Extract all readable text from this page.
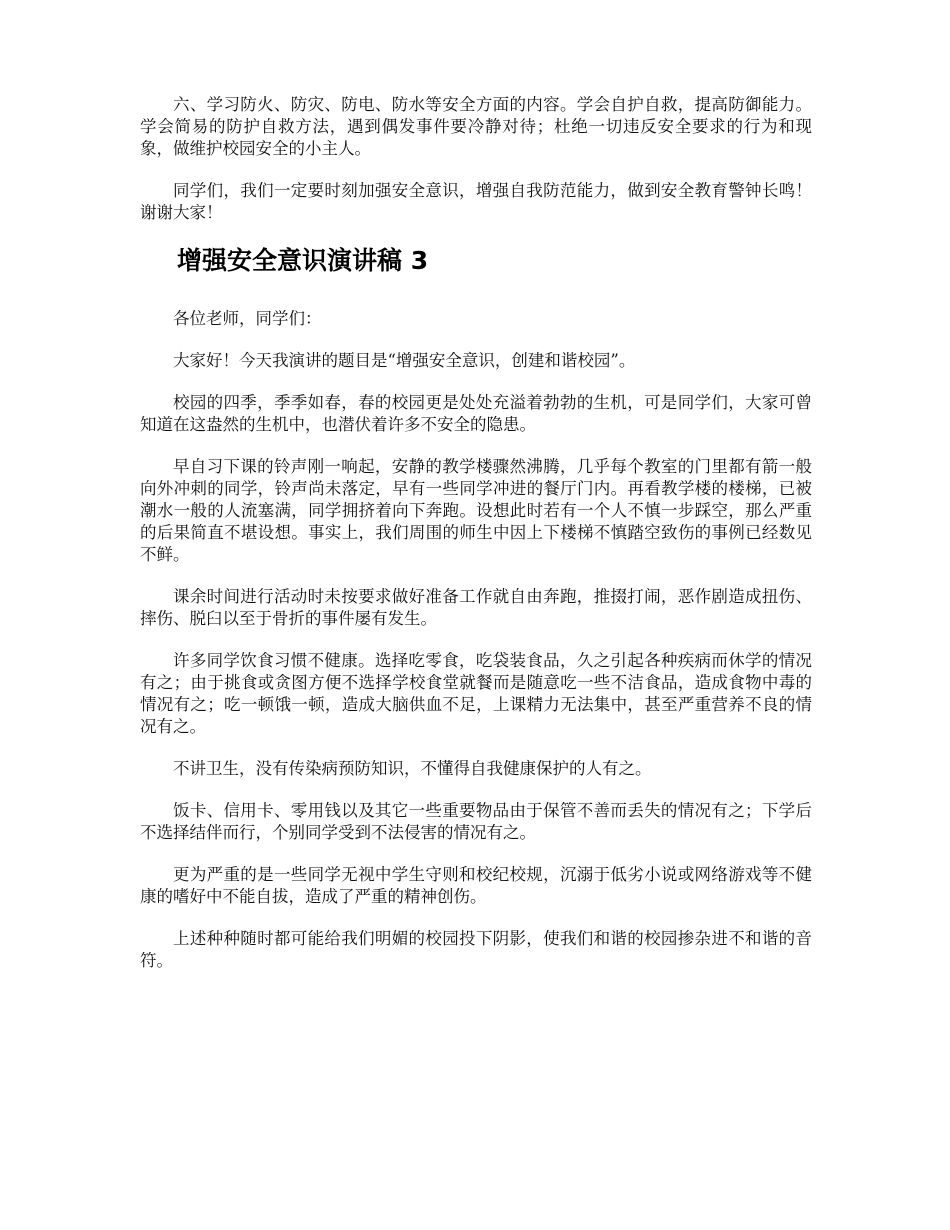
六、学习防火、防灾、防电、防水等安全方面的内容。学会自护自救，提高防御能力。学会简易的防护自救方法，遇到偶发事件要冷静对待；杜绝一切违反安全要求的行为和现象，做维护校园安全的小主人。

同学们，我们一定要时刻加强安全意识，增强自我防范能力，做到安全教育警钟长鸣！谢谢大家！

增强安全意识演讲稿 3

各位老师，同学们：

大家好！今天我演讲的题目是“增强安全意识，创建和谐校园”。

校园的四季，季季如春，春的校园更是处处充溢着勃勃的生机，可是同学们，大家可曾知道在这盎然的生机中，也潜伏着许多不安全的隐患。

早自习下课的铃声刚一响起，安静的教学楼骤然沸腾，几乎每个教室的门里都有箭一般向外冲刺的同学，铃声尚未落定，早有一些同学冲进的餐厅门内。再看教学楼的楼梯，已被潮水一般的人流塞满，同学拥挤着向下奔跑。设想此时若有一个人不慎一步踩空，那么严重的后果简直不堪设想。事实上，我们周围的师生中因上下楼梯不慎踏空致伤的事例已经数见不鲜。

课余时间进行活动时未按要求做好准备工作就自由奔跑，推掇打闹，恶作剧造成扭伤、摔伤、脱臼以至于骨折的事件屡有发生。

许多同学饮食习惯不健康。选择吃零食，吃袋装食品，久之引起各种疾病而休学的情况有之；由于挑食或贪图方便不选择学校食堂就餐而是随意吃一些不洁食品，造成食物中毒的情况有之；吃一顿饿一顿，造成大脑供血不足，上课精力无法集中，甚至严重营养不良的情况有之。

不讲卫生，没有传染病预防知识，不懂得自我健康保护的人有之。

饭卡、信用卡、零用钱以及其它一些重要物品由于保管不善而丢失的情况有之；下学后不选择结伴而行，个别同学受到不法侵害的情况有之。

更为严重的是一些同学无视中学生守则和校纪校规，沉溺于低劣小说或网络游戏等不健康的嗜好中不能自拔，造成了严重的精神创伤。

上述种种随时都可能给我们明媚的校园投下阴影，使我们和谐的校园掺杂进不和谐的音符。
